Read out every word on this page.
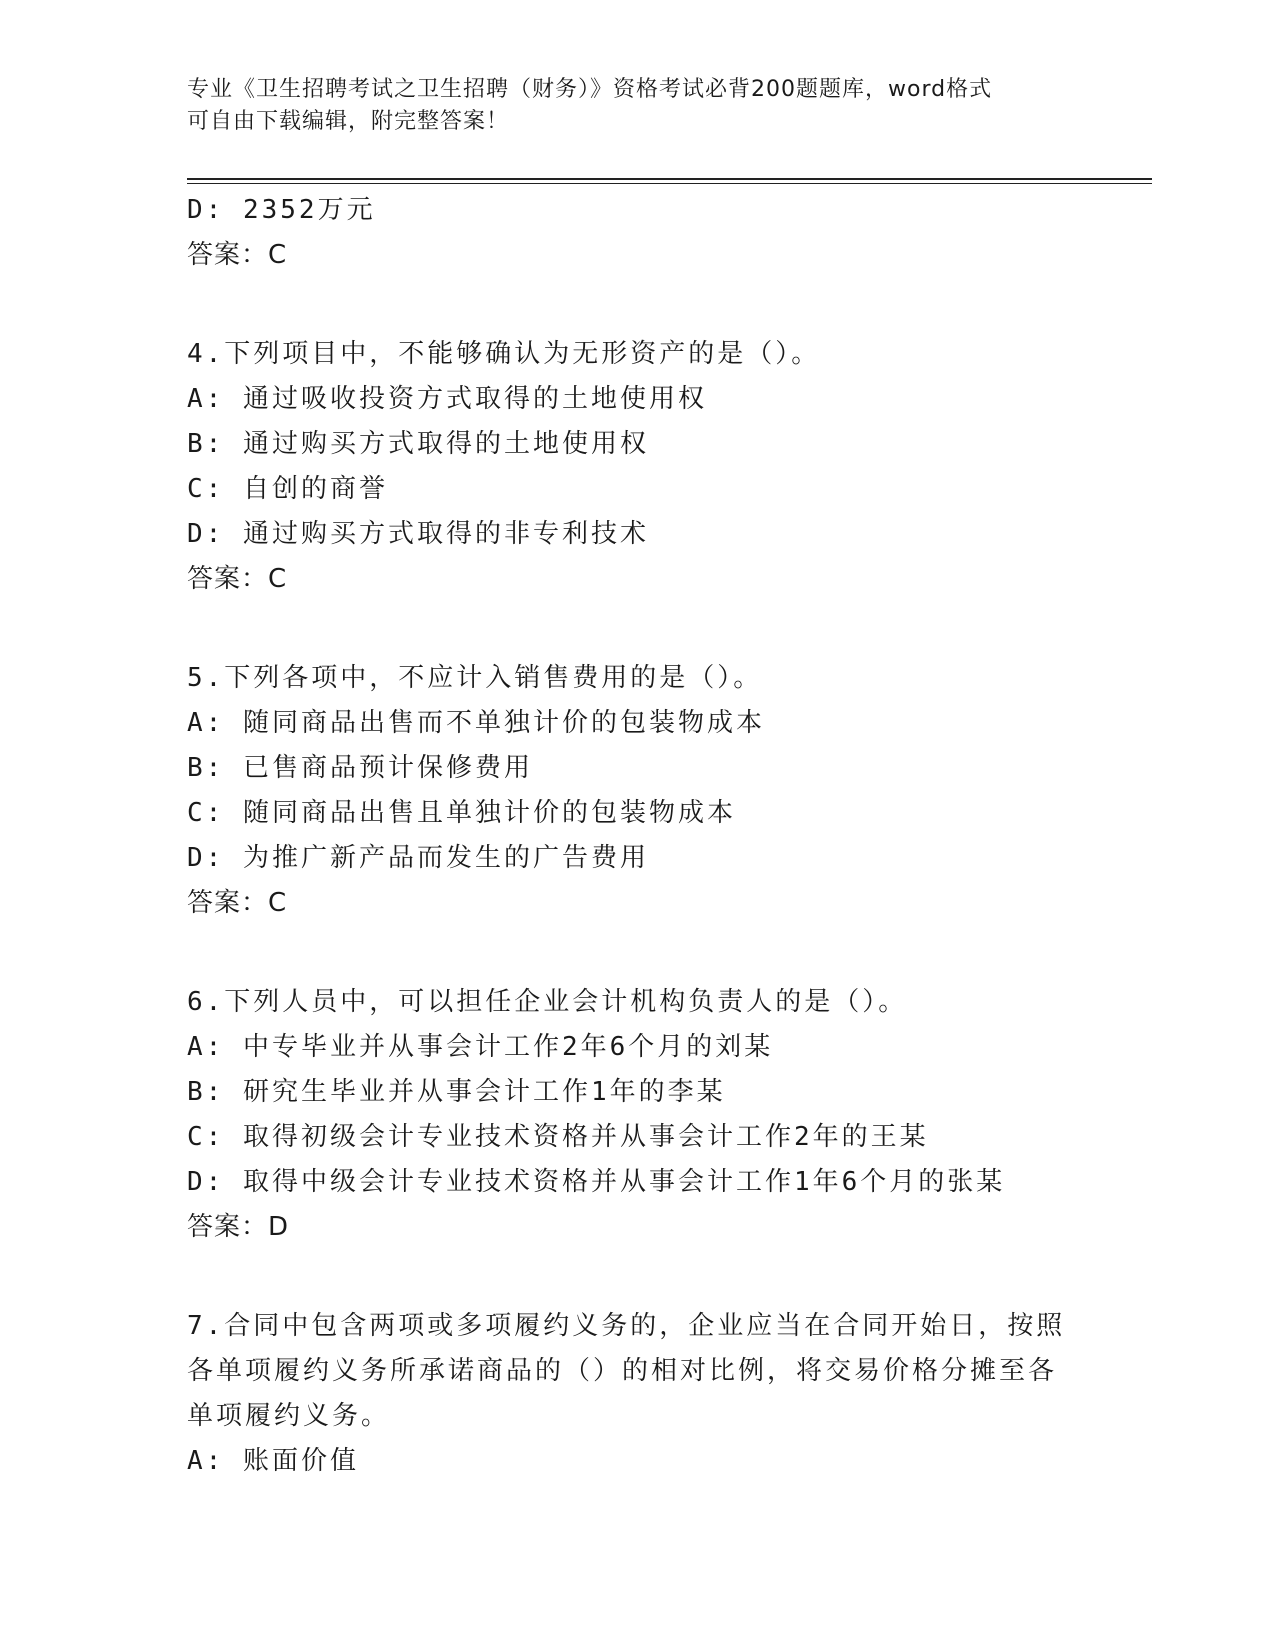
专业《卫生招聘考试之卫生招聘（财务）》资格考试必背200题题库，word格式
可自由下载编辑，附完整答案！
D: 2352万元
答案：C
4.下列项目中，不能够确认为无形资产的是（）。
A: 通过吸收投资方式取得的土地使用权
B: 通过购买方式取得的土地使用权
C: 自创的商誉
D: 通过购买方式取得的非专利技术
答案：C
5.下列各项中，不应计入销售费用的是（）。
A: 随同商品出售而不单独计价的包装物成本
B: 已售商品预计保修费用
C: 随同商品出售且单独计价的包装物成本
D: 为推广新产品而发生的广告费用
答案：C
6.下列人员中，可以担任企业会计机构负责人的是（）。
A: 中专毕业并从事会计工作2年6个月的刘某
B: 研究生毕业并从事会计工作1年的李某
C: 取得初级会计专业技术资格并从事会计工作2年的王某
D: 取得中级会计专业技术资格并从事会计工作1年6个月的张某
答案：D
7.合同中包含两项或多项履约义务的，企业应当在合同开始日，按照各单项履约义务所承诺商品的（）的相对比例，将交易价格分摊至各单项履约义务。
A: 账面价值
